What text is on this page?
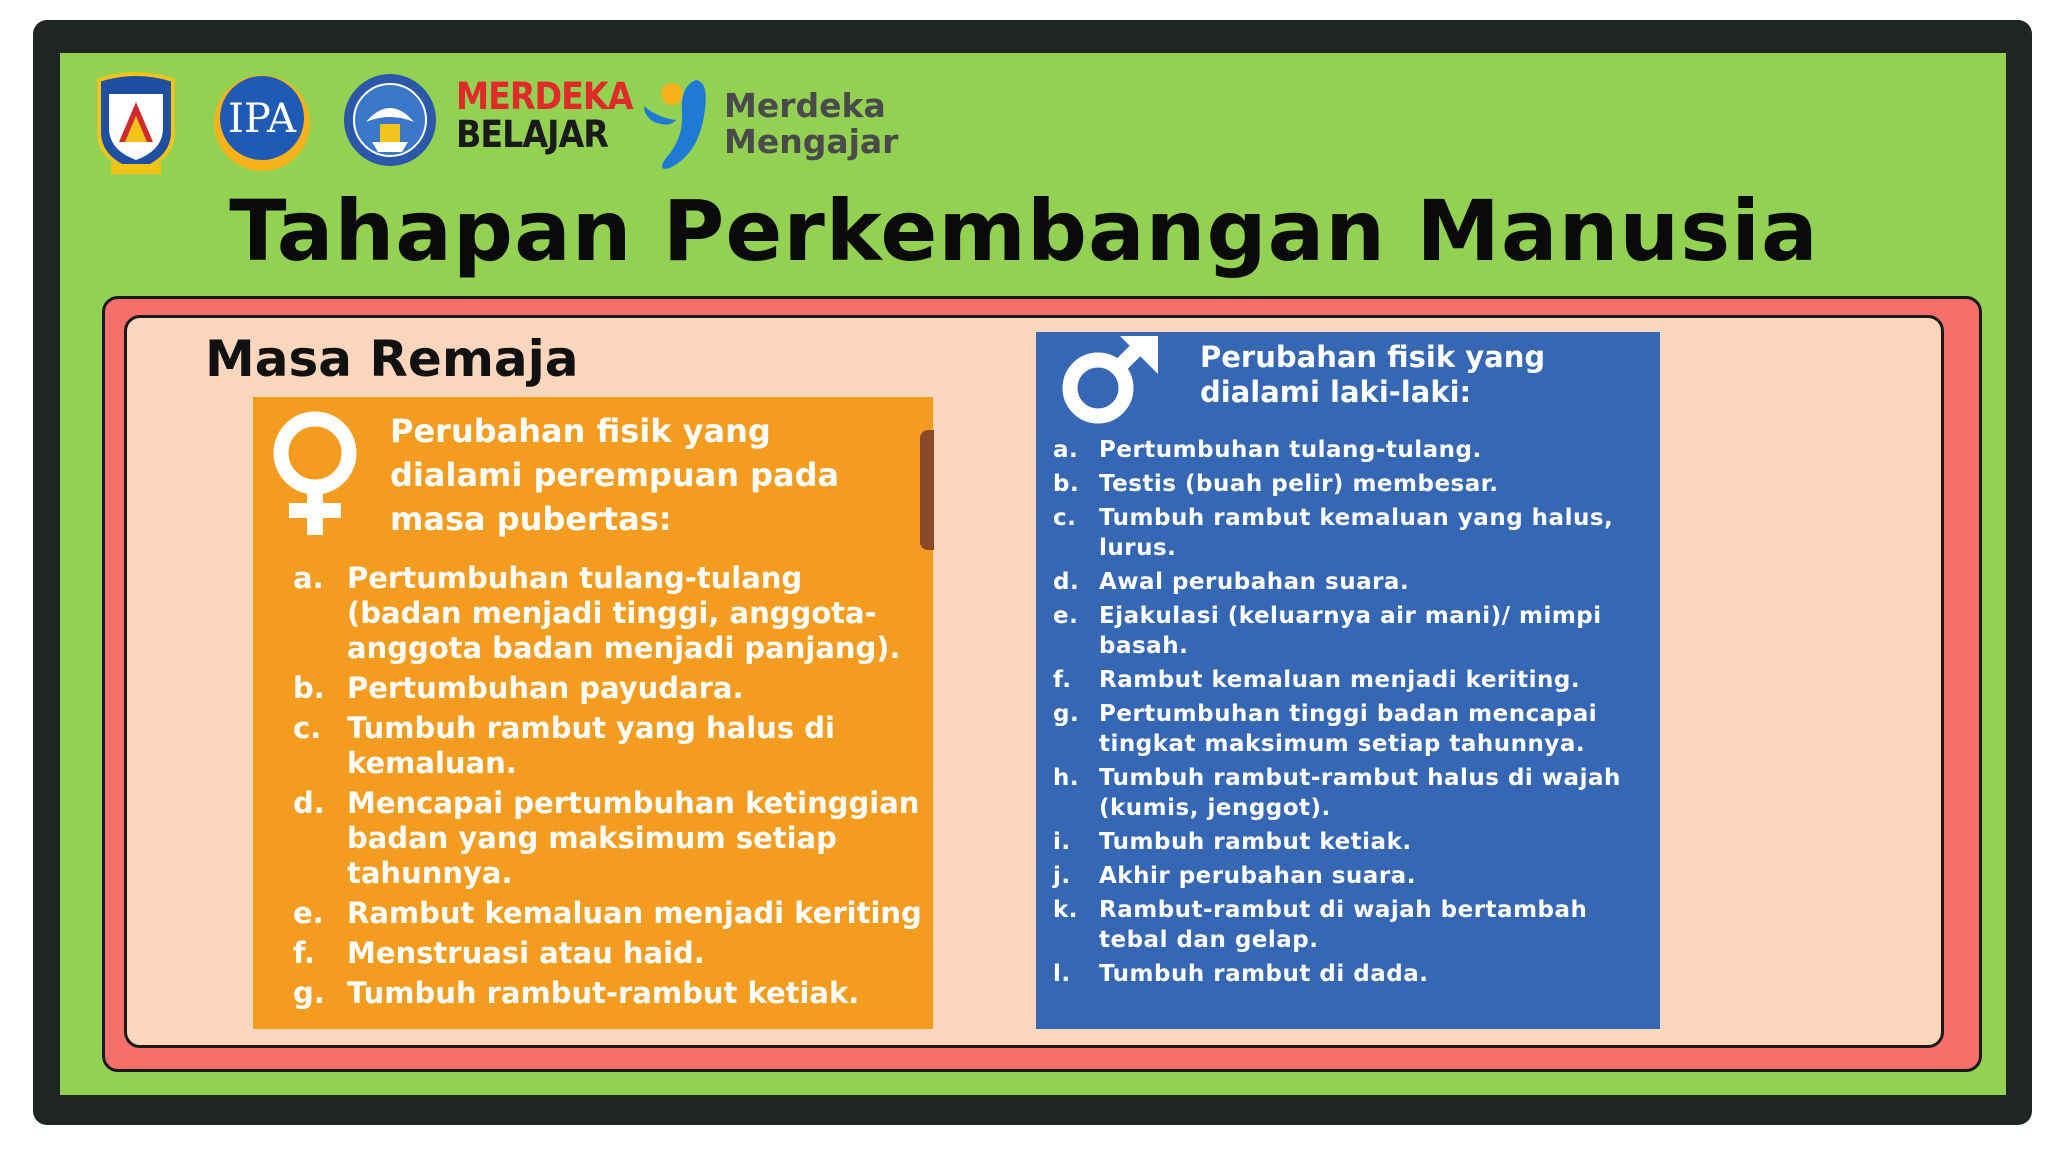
IPA	MERDEKA
BELAJAR
Merdeka
Mengajar
Tahapan Perkembangan Manusia
Masa Remaja
Perubahan fisik yang dialami perempuan pada masa pubertas:
a. Pertumbuhan tulang-tulang (badan menjadi tinggi, anggota-anggota badan menjadi panjang).
b. Pertumbuhan payudara.
c. Tumbuh rambut yang halus di kemaluan.
d. Mencapai pertumbuhan ketinggian badan yang maksimum setiap tahunnya.
e. Rambut kemaluan menjadi keriting
f.	Menstruasi atau haid.
g. Tumbuh rambut-rambut ketiak.
Perubahan fisik yang dialami laki-laki:
a. Pertumbuhan tulang-tulang.
b. Testis (buah pelir) membesar.
c. Tumbuh rambut kemaluan yang halus, lurus.
d. Awal perubahan suara.
e. Ejakulasi (keluarnya air mani)/ mimpi basah.
f.	Rambut kemaluan menjadi keriting.
g. Pertumbuhan tinggi badan mencapai tingkat maksimum setiap tahunnya.
h. Tumbuh rambut-rambut halus di wajah (kumis, jenggot).
i.	Tumbuh rambut ketiak.
j.	Akhir perubahan suara.
k. Rambut-rambut di wajah bertambah tebal dan gelap.
l.	Tumbuh rambut di dada.
